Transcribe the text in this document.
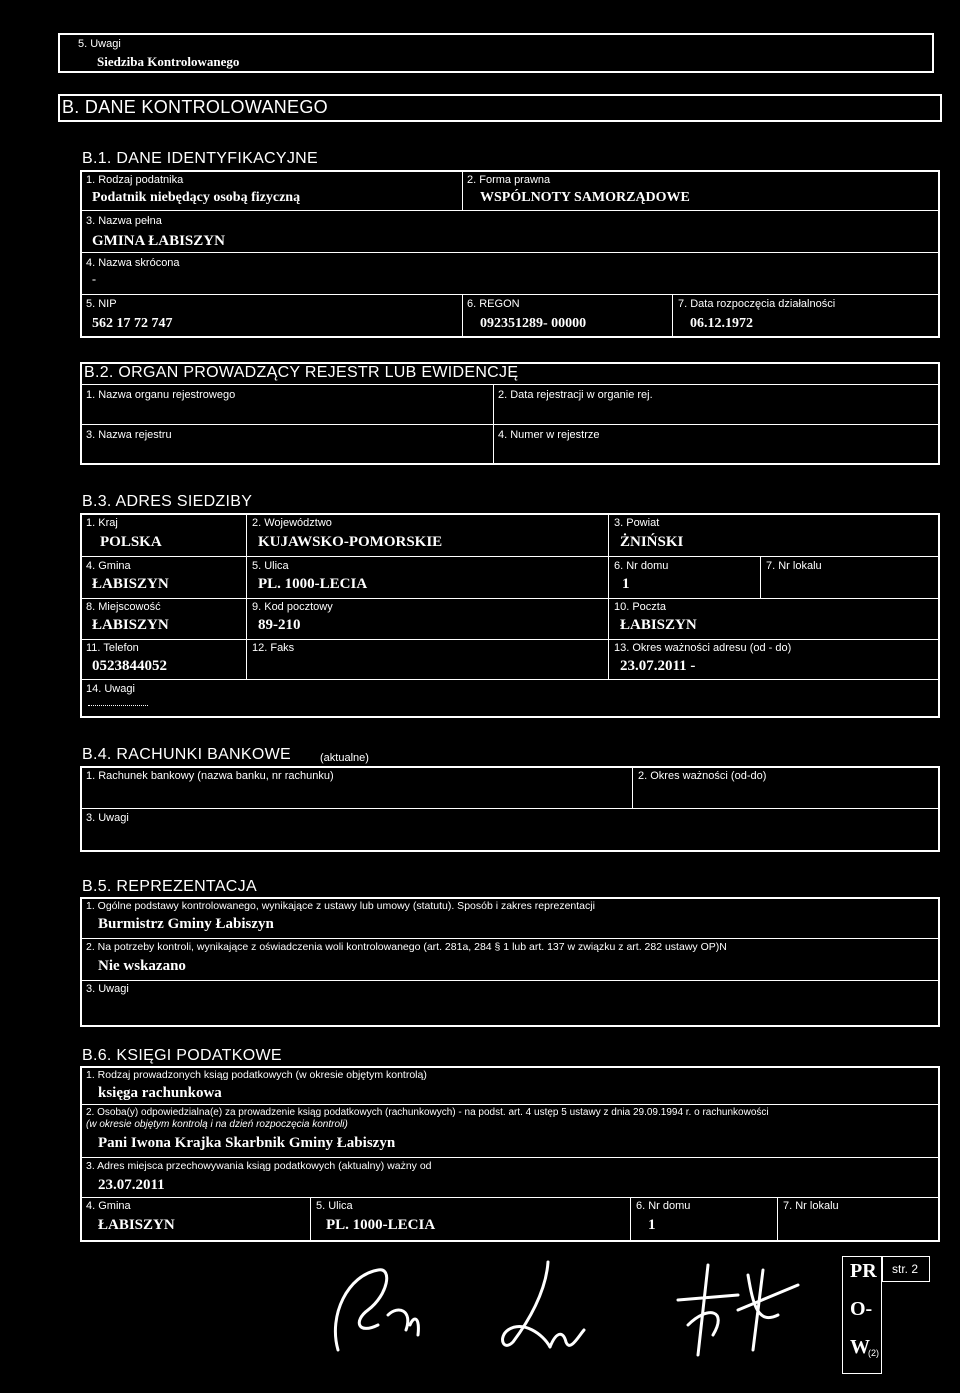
5. Uwagi
Siedziba Kontrolowanego
B. DANE KONTROLOWANEGO
B.1. DANE IDENTYFIKACYJNE
1. Rodzaj podatnika
Podatnik niebędący osobą fizyczną
2. Forma prawna
WSPÓLNOTY SAMORZĄDOWE
3. Nazwa pełna
GMINA ŁABISZYN
4. Nazwa skrócona
-
5. NIP
562 17 72 747
6. REGON
092351289- 00000
7. Data rozpoczęcia działalności
06.12.1972
B.2. ORGAN PROWADZĄCY REJESTR LUB EWIDENCJĘ
1. Nazwa organu rejestrowego	2. Data rejestracji w organie rej.
3. Nazwa rejestru	4. Numer w rejestrze
B.3. ADRES SIEDZIBY
1. Kraj
POLSKA
2. Województwo
KUJAWSKO-POMORSKIE
3. Powiat
ŻNIŃSKI
4. Gmina
ŁABISZYN
5. Ulica
PL. 1000-LECIA
6. Nr domu
1
7. Nr lokalu
8. Miejscowość
ŁABISZYN
9. Kod pocztowy
89-210
10. Poczta
ŁABISZYN
11. Telefon
0523844052
12. Faks	13. Okres ważności adresu (od - do)
23.07.2011 -
14. Uwagi
B.4. RACHUNKI BANKOWE	(aktualne)
1. Rachunek bankowy (nazwa banku, nr rachunku)	2. Okres ważności (od-do)
3. Uwagi
B.5. REPREZENTACJA
1. Ogólne podstawy kontrolowanego, wynikające z ustawy lub umowy (statutu). Sposób i zakres reprezentacji
Burmistrz Gminy Łabiszyn
2. Na potrzeby kontroli, wynikające z oświadczenia woli kontrolowanego (art. 281a, 284 § 1 lub art. 137 w związku z art. 282 ustawy OP)N
Nie wskazano
3. Uwagi
B.6. KSIĘGI PODATKOWE
1. Rodzaj prowadzonych ksiąg podatkowych (w okresie objętym kontrolą)
księga rachunkowa
2. Osoba(y) odpowiedzialna(e) za prowadzenie ksiąg podatkowych (rachunkowych) - na podst. art. 4 ustęp 5 ustawy z dnia 29.09.1994 r. o rachunkowości
(w okresie objętym kontrolą i na dzień rozpoczęcia kontroli)
Pani Iwona Krajka Skarbnik Gminy Łabiszyn
3. Adres miejsca przechowywania ksiąg podatkowych (aktualny) ważny od
23.07.2011
4. Gmina
ŁABISZYN
5. Ulica
PL. 1000-LECIA
6. Nr domu
1
7. Nr lokalu
PR
O-
W
(2)
str. 2
